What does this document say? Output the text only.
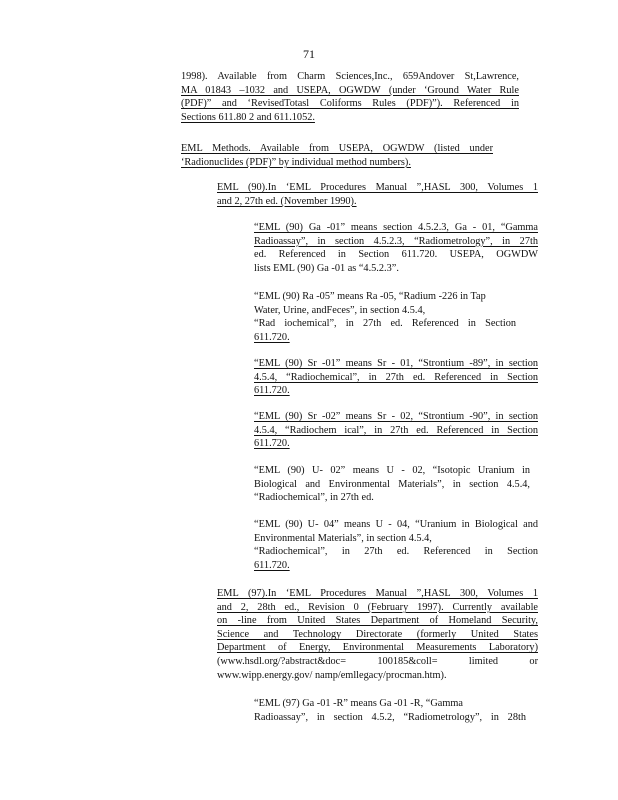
71
1998). Available from Charm Sciences,Inc., 659Andover St,Lawrence,
MA 01843 –1032 and USEPA, OGWDW (under ‘Ground Water Rule
(PDF)” and ‘RevisedTotasl Coliforms Rules (PDF)”). Referenced in
Sections 611.80 2 and 611.1052.
EML Methods. Available from USEPA, OGWDW (listed under
‘Radionuclides (PDF)” by individual method numbers).
EML (90).In ‘EML Procedures Manual ”,HASL 300, Volumes 1
and 2, 27th ed. (November 1990).
“EML (90) Ga -01” means section 4.5.2.3, Ga - 01, “Gamma
Radioassay”, in section 4.5.2.3, “Radiometrology”, in 27th
ed. Referenced in Section 611.720. USEPA, OGWDW
lists EML (90) Ga -01 as “4.5.2.3”.
“EML (90) Ra -05” means Ra -05, “Radium -226 in Tap
Water, Urine, andFeces”, in section 4.5.4,
“Rad iochemical”, in 27th ed. Referenced in Section
611.720.
“EML (90) Sr -01” means Sr - 01, “Strontium -89”, in section
4.5.4, “Radiochemical”, in 27th ed. Referenced in Section
611.720.
“EML (90) Sr -02” means Sr - 02, “Strontium -90”, in section
4.5.4, “Radiochem ical”, in 27th ed. Referenced in Section
611.720.
“EML (90) U- 02” means U - 02, “Isotopic Uranium in
Biological and Environmental Materials”, in section 4.5.4,
“Radiochemical”, in 27th ed.
“EML (90) U- 04” means U - 04, “Uranium in Biological and
Environmental Materials”, in section 4.5.4,
“Radiochemical”, in 27th ed. Referenced in Section
611.720.
EML (97).In ‘EML Procedures Manual ”,HASL 300, Volumes 1
and 2, 28th ed., Revision 0 (February 1997). Currently available
on -line from United States Department of Homeland Security,
Science and Technology Directorate (formerly United States
Department of Energy, Environmental Measurements Laboratory)
(www.hsdl.org/?abstract&doc= 100185&coll= limited or
www.wipp.energy.gov/ namp/emllegacy/procman.htm).
“EML (97) Ga -01 -R” means Ga -01 -R, “Gamma
Radioassay”, in section 4.5.2, “Radiometrology”, in 28th
